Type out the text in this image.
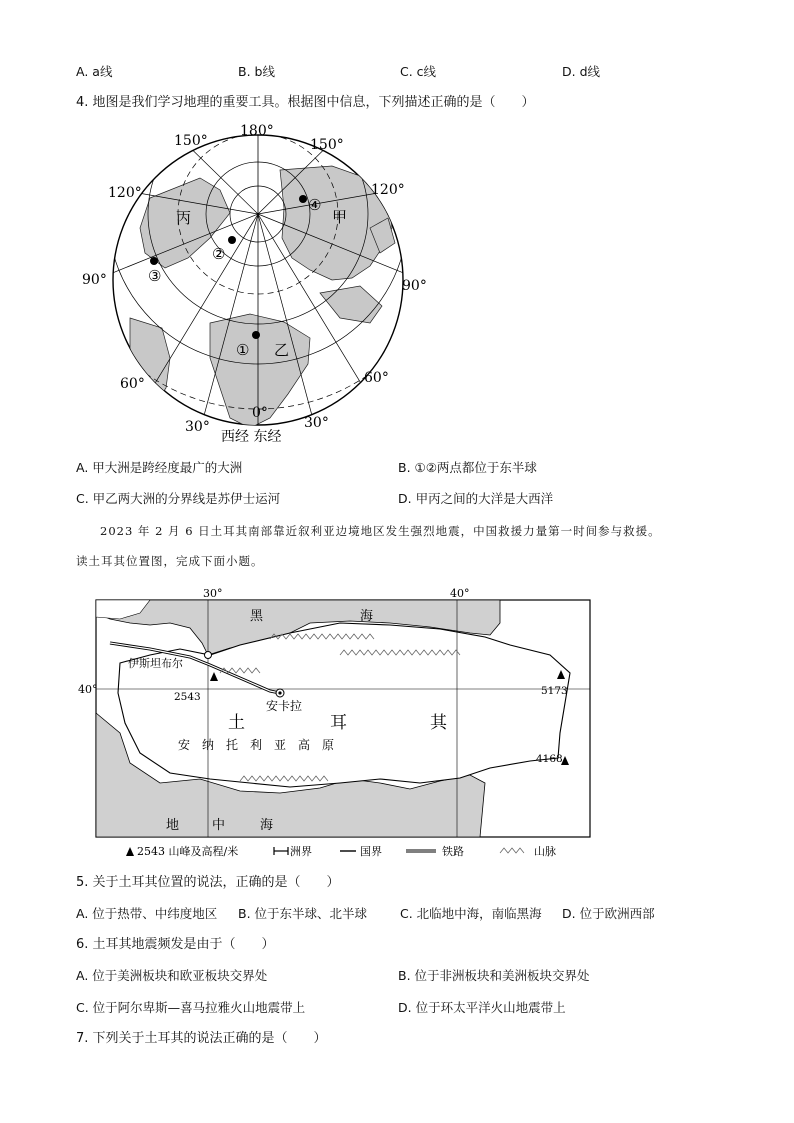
A. a线	B. b线	C. c线	D. d线
4. 地图是我们学习地理的重要工具。根据图中信息，下列描述正确的是（　　）
180°
150°	150°
120°	120°
90°	90°
60°	60°
0°
30°	30°
西经 东经
丙	甲
乙
①
②
③
④
A. 甲大洲是跨经度最广的大洲	B. ①②两点都位于东半球
C. 甲乙两大洲的分界线是苏伊士运河	D. 甲丙之间的大洋是大西洋
2023 年 2 月 6 日土耳其南部靠近叙利亚边境地区发生强烈地震，中国救援力量第一时间参与救援。
读土耳其位置图，完成下面小题。
30°	40°
40°
黑	海
地	中	海
土	耳	其
安　纳　托　利　亚　高　原
伊斯坦布尔
安卡拉
2543	5173
4168
2543 山峰及高程/米	洲界	国界	铁路	山脉
5. 关于土耳其位置的说法，正确的是（　　）
A. 位于热带、中纬度地区 B. 位于东半球、北半球	C. 北临地中海，南临黑海 D. 位于欧洲西部
6. 土耳其地震频发是由于（　　）
A. 位于美洲板块和欧亚板块交界处	B. 位于非洲板块和美洲板块交界处
C. 位于阿尔卑斯—喜马拉雅火山地震带上	D. 位于环太平洋火山地震带上
7. 下列关于土耳其的说法正确的是（　　）
